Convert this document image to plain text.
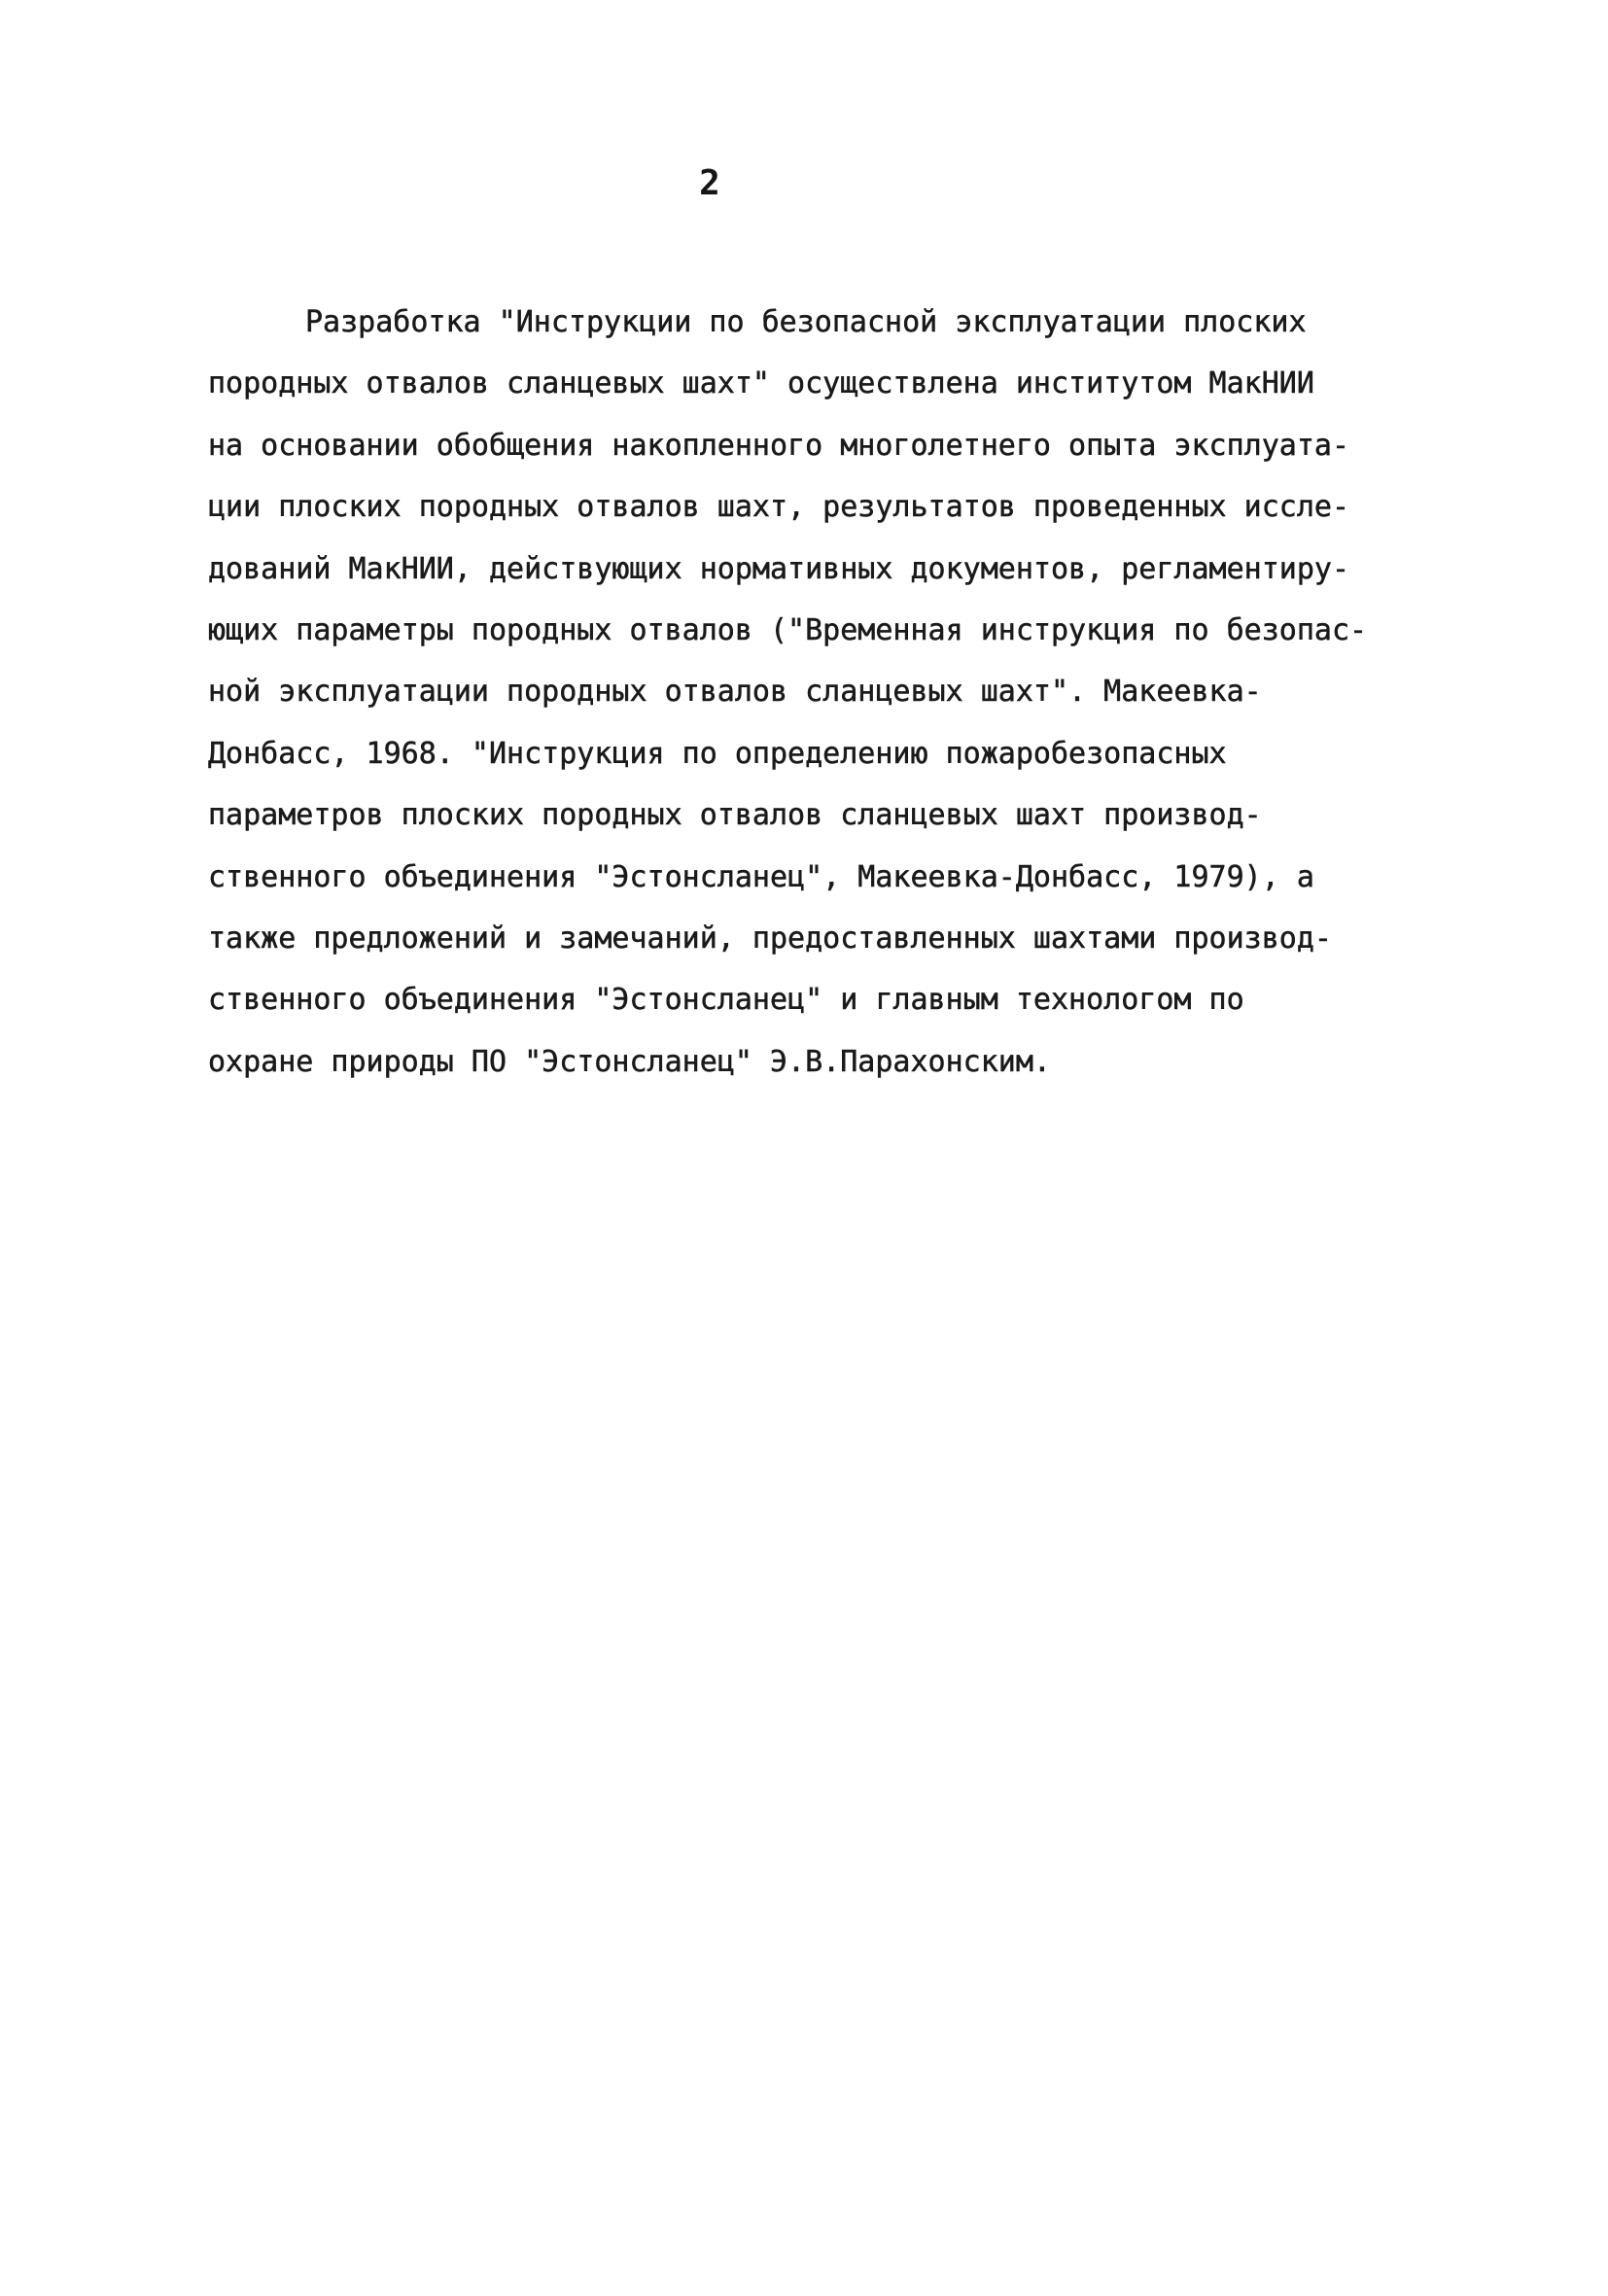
2
Разработка "Инструкции по безопасной эксплуатации плоских
породных отвалов сланцевых шахт" осуществлена институтом МакНИИ
на основании обобщения накопленного многолетнего опыта эксплуата-
ции плоских породных отвалов шахт, результатов проведенных иссле-
дований МакНИИ, действующих нормативных документов, регламентиру-
ющих параметры породных отвалов ("Временная инструкция по безопас-
ной эксплуатации породных отвалов сланцевых шахт". Макеевка-
Донбасс, 1968. "Инструкция по определению пожаробезопасных
параметров плоских породных отвалов сланцевых шахт производ-
ственного объединения "Эстонсланец", Макеевка-Донбасс, 1979), а
также предложений и замечаний, предоставленных шахтами производ-
ственного объединения "Эстонсланец" и главным технологом по
охране природы ПО "Эстонсланец" Э.В.Парахонским.
